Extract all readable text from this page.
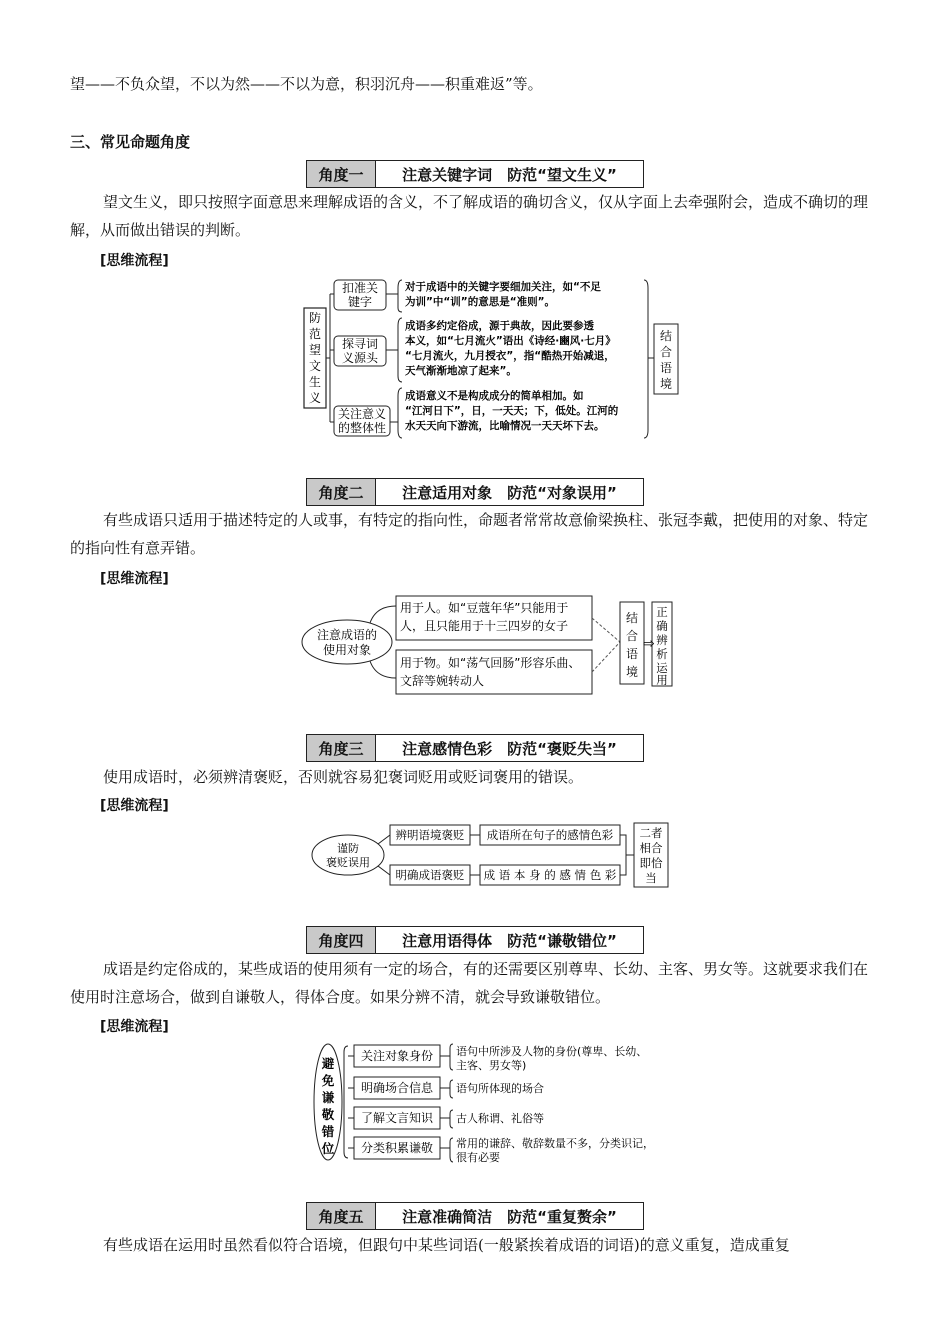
望——不负众望，不以为然——不以为意，积羽沉舟——积重难返”等。

三、常见命题角度

角度一	注意关键字词　防范“望文生义”

望文生义，即只按照字面意思来理解成语的含义，不了解成语的确切含义，仅从字面上去牵强附会，造成不确切的理解，从而做出错误的判断。

[思维流程]
防
范
望
文
生
义
扣准关
键字
探寻词
义源头
关注意义
的整体性
对于成语中的关键字要细加关注，如“不足
为训”中“训”的意思是“准则”。
成语多约定俗成，源于典故，因此要参透
本义，如“七月流火”语出《诗经·豳风·七月》
“七月流火，九月授衣”，指“酷热开始减退，
天气渐渐地凉了起来”。
成语意义不是构成成分的简单相加。如
“江河日下”，日，一天天；下，低处。江河的
水天天向下游流，比喻情况一天天坏下去。
结
合
语
境
角度二	注意适用对象　防范“对象误用”

有些成语只适用于描述特定的人或事，有特定的指向性，命题者常常故意偷梁换柱、张冠李戴，把使用的对象、特定的指向性有意弄错。

[思维流程]
注意成语的
使用对象
用于人。如“豆蔻年华”只能用于
人，且只能用于十三四岁的女子
用于物。如“荡气回肠”形容乐曲、
文辞等婉转动人
结
合
语
境
⇨
正
确
辨
析
运
用
角度三	注意感情色彩　防范“褒贬失当”

使用成语时，必须辨清褒贬，否则就容易犯褒词贬用或贬词褒用的错误。

[思维流程]
谨防
褒贬误用
辨明语境褒贬
明确成语褒贬
成语所在句子的感情色彩
成 语 本 身 的 感 情 色 彩
二者
相合
即恰
当
角度四	注意用语得体　防范“谦敬错位”

成语是约定俗成的，某些成语的使用须有一定的场合，有的还需要区别尊卑、长幼、主客、男女等。这就要求我们在使用时注意场合，做到自谦敬人，得体合度。如果分辨不清，就会导致谦敬错位。

[思维流程]
避
免
谦
敬
错
位
关注对象身份
明确场合信息
了解文言知识
分类积累谦敬
语句中所涉及人物的身份(尊卑、长幼、
主客、男女等)
语句所体现的场合
古人称谓、礼俗等
常用的谦辞、敬辞数量不多，分类识记，
很有必要
角度五	注意准确简洁　防范“重复赘余”

有些成语在运用时虽然看似符合语境，但跟句中某些词语(一般紧挨着成语的词语)的意义重复，造成重复
